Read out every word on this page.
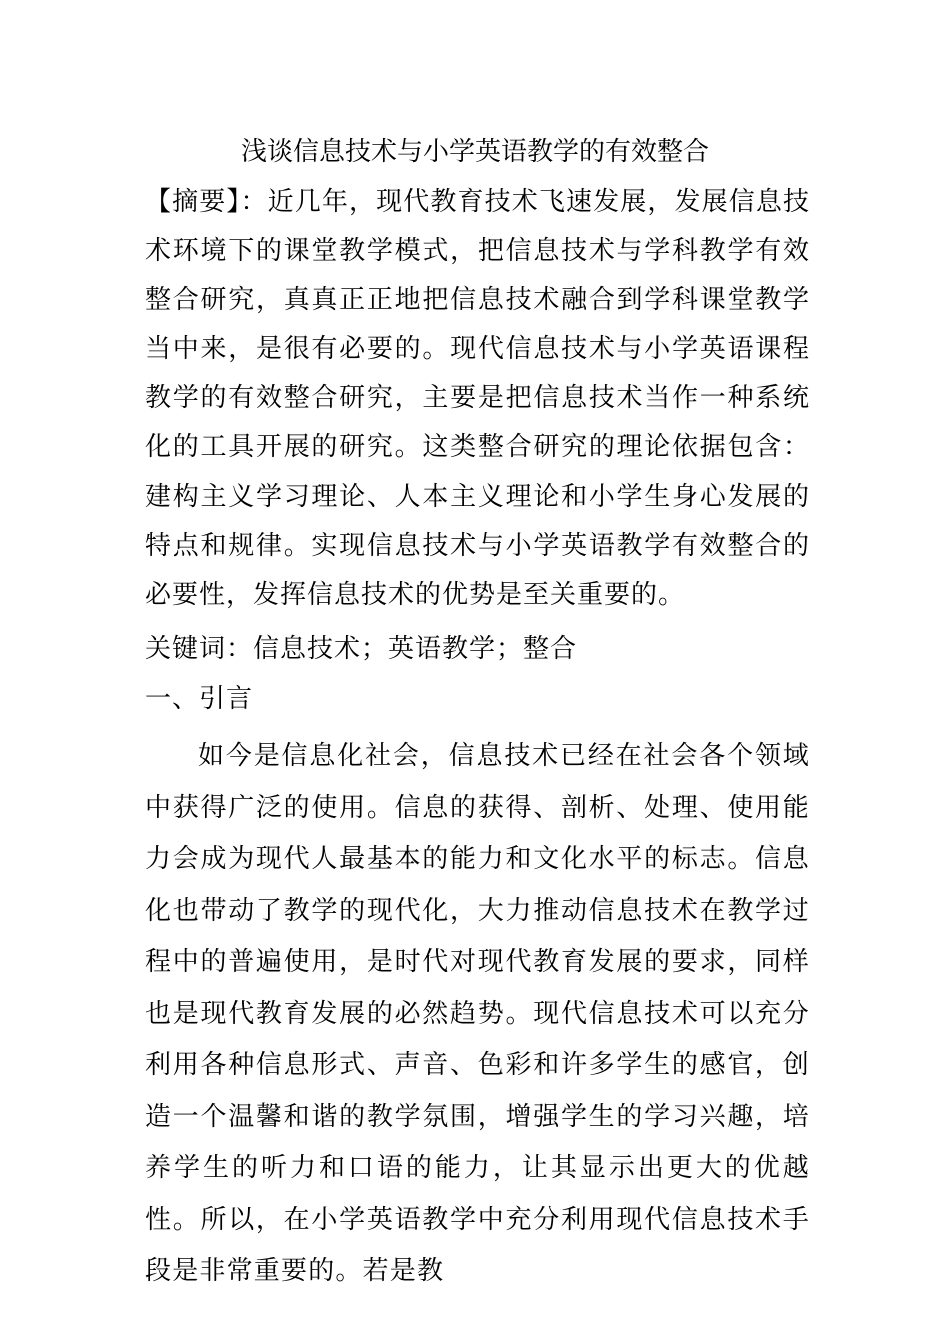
浅谈信息技术与小学英语教学的有效整合
【摘要】：近几年，现代教育技术飞速发展，发展信息技术环境下的课堂教学模式，把信息技术与学科教学有效整合研究，真真正正地把信息技术融合到学科课堂教学当中来，是很有必要的。现代信息技术与小学英语课程教学的有效整合研究，主要是把信息技术当作一种系统化的工具开展的研究。这类整合研究的理论依据包含：建构主义学习理论、人本主义理论和小学生身心发展的特点和规律。实现信息技术与小学英语教学有效整合的必要性，发挥信息技术的优势是至关重要的。
关键词：信息技术；英语教学；整合
一、引言
如今是信息化社会，信息技术已经在社会各个领域中获得广泛的使用。信息的获得、剖析、处理、使用能力会成为现代人最基本的能力和文化水平的标志。信息化也带动了教学的现代化，大力推动信息技术在教学过程中的普遍使用，是时代对现代教育发展的要求，同样也是现代教育发展的必然趋势。现代信息技术可以充分利用各种信息形式、声音、色彩和许多学生的感官，创造一个温馨和谐的教学氛围，增强学生的学习兴趣，培养学生的听力和口语的能力，让其显示出更大的优越性。所以，在小学英语教学中充分利用现代信息技术手段是非常重要的。若是教
